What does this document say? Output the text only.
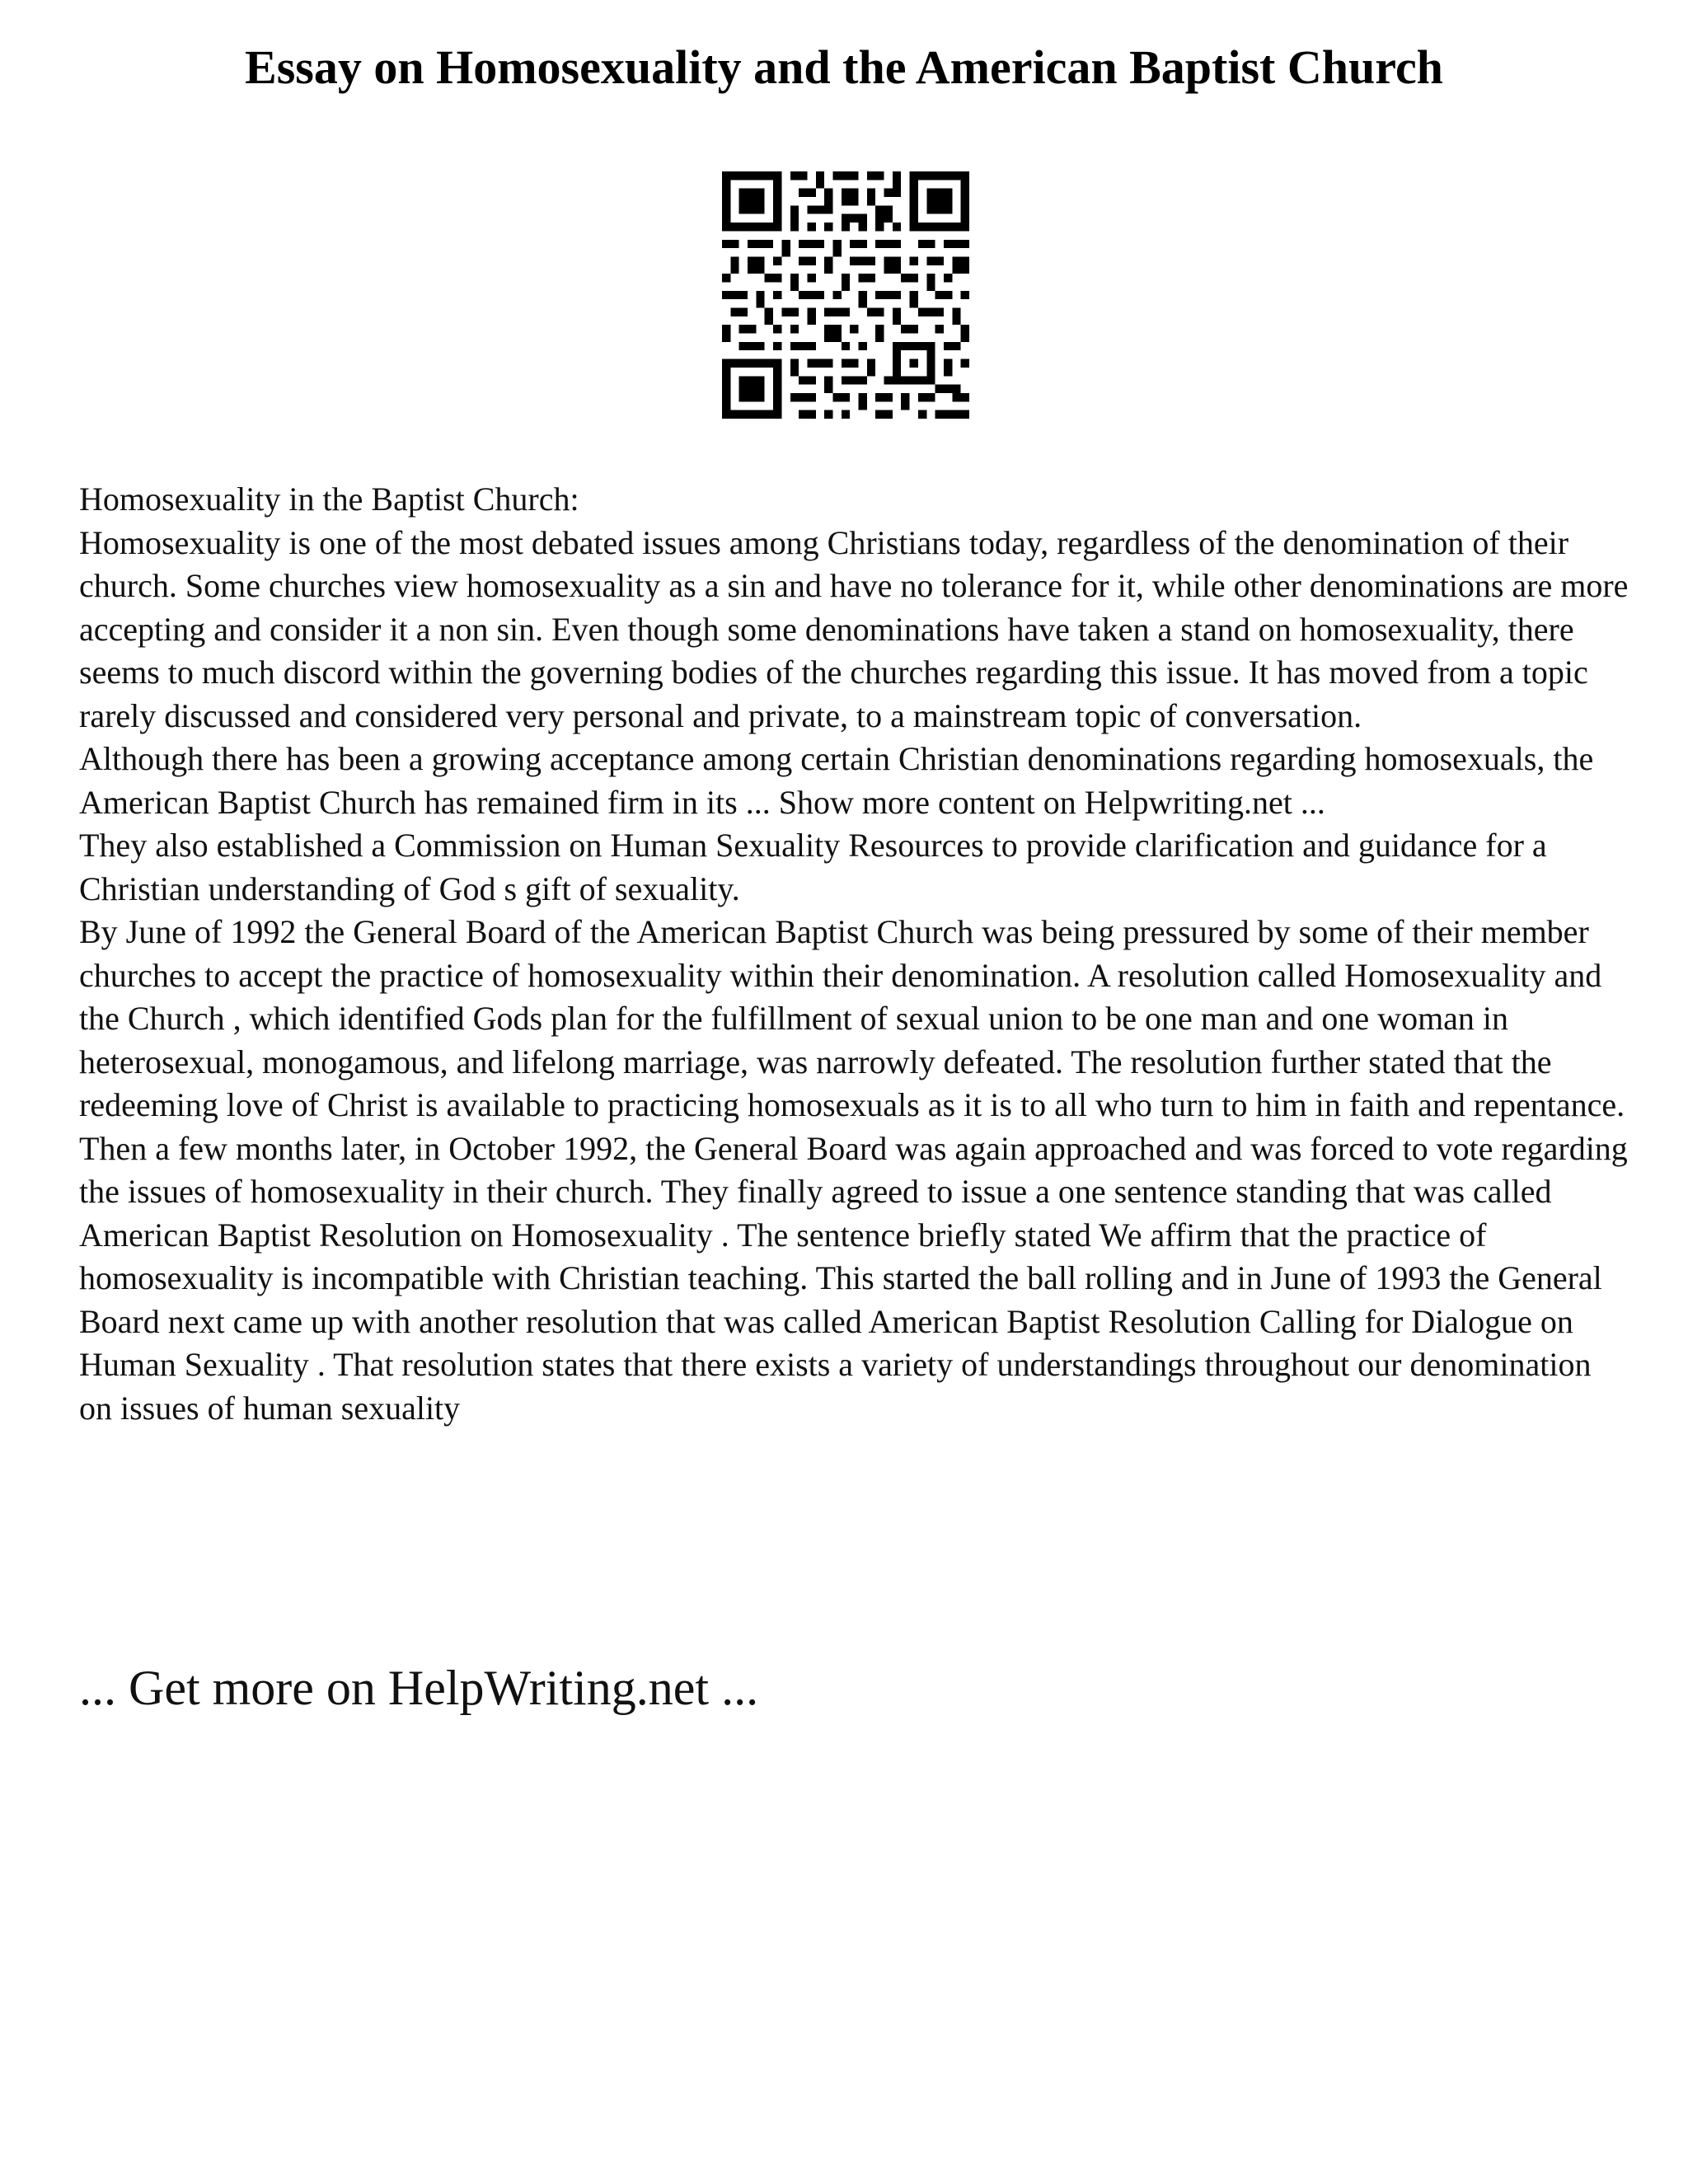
Essay on Homosexuality and the American Baptist Church

Homosexuality in the Baptist Church:

Homosexuality is one of the most debated issues among Christians today, regardless of the denomination of their church. Some churches view homosexuality as a sin and have no tolerance for it, while other denominations are more accepting and consider it a non sin. Even though some denominations have taken a stand on homosexuality, there seems to much discord within the governing bodies of the churches regarding this issue. It has moved from a topic rarely discussed and considered very personal and private, to a mainstream topic of conversation.

Although there has been a growing acceptance among certain Christian denominations regarding homosexuals, the American Baptist Church has remained firm in its ... Show more content on Helpwriting.net ...

They also established a Commission on Human Sexuality Resources to provide clarification and guidance for a Christian understanding of God s gift of sexuality.

By June of 1992 the General Board of the American Baptist Church was being pressured by some of their member churches to accept the practice of homosexuality within their denomination. A resolution called Homosexuality and the Church , which identified Gods plan for the fulfillment of sexual union to be one man and one woman in heterosexual, monogamous, and lifelong marriage, was narrowly defeated. The resolution further stated that the redeeming love of Christ is available to practicing homosexuals as it is to all who turn to him in faith and repentance.

Then a few months later, in October 1992, the General Board was again approached and was forced to vote regarding the issues of homosexuality in their church. They finally agreed to issue a one sentence standing that was called American Baptist Resolution on Homosexuality . The sentence briefly stated We affirm that the practice of homosexuality is incompatible with Christian teaching. This started the ball rolling and in June of 1993 the General Board next came up with another resolution that was called American Baptist Resolution Calling for Dialogue on Human Sexuality . That resolution states that there exists a variety of understandings throughout our denomination on issues of human sexuality

... Get more on HelpWriting.net ...
